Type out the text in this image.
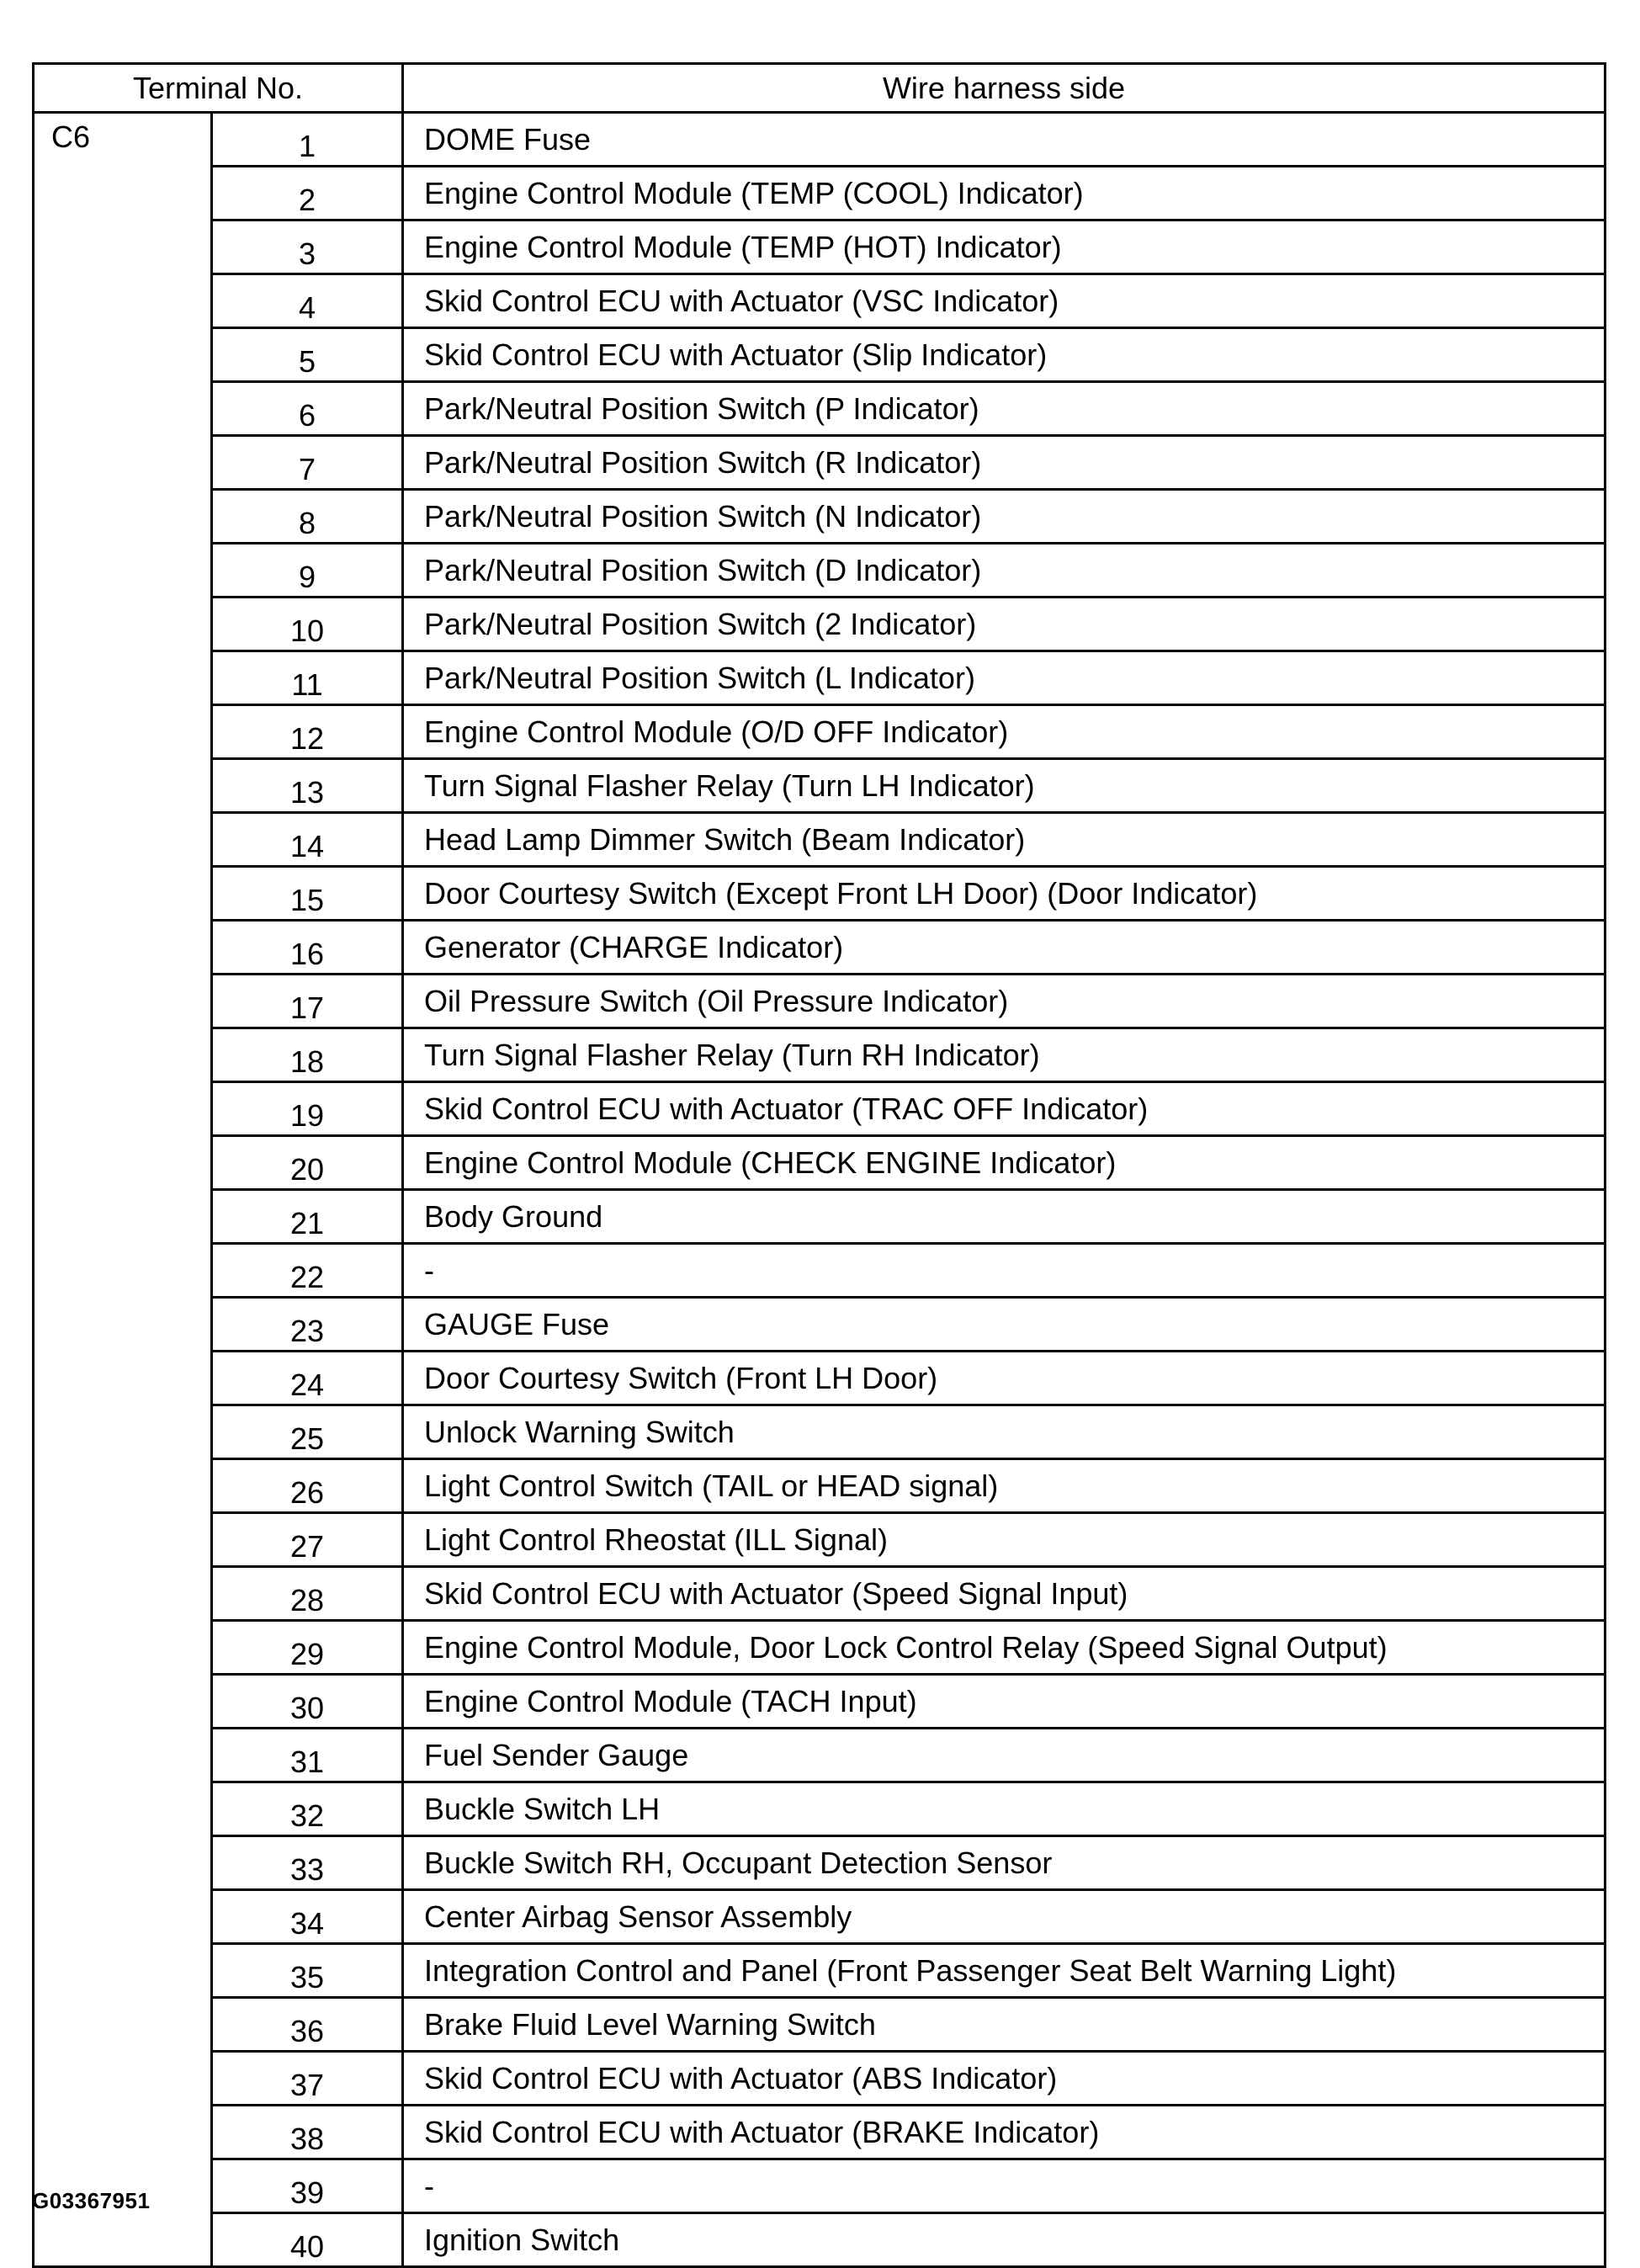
Terminal No.		Wire harness side
C6	1	DOME Fuse
	2	Engine Control Module (TEMP (COOL) Indicator)
	3	Engine Control Module (TEMP (HOT) Indicator)
	4	Skid Control ECU with Actuator (VSC Indicator)
	5	Skid Control ECU with Actuator (Slip Indicator)
	6	Park/Neutral Position Switch (P Indicator)
	7	Park/Neutral Position Switch (R Indicator)
	8	Park/Neutral Position Switch (N Indicator)
	9	Park/Neutral Position Switch (D Indicator)
	10	Park/Neutral Position Switch (2 Indicator)
	11	Park/Neutral Position Switch (L Indicator)
	12	Engine Control Module (O/D OFF Indicator)
	13	Turn Signal Flasher Relay (Turn LH Indicator)
	14	Head Lamp Dimmer Switch (Beam Indicator)
	15	Door Courtesy Switch (Except Front LH Door) (Door Indicator)
	16	Generator (CHARGE Indicator)
	17	Oil Pressure Switch (Oil Pressure Indicator)
	18	Turn Signal Flasher Relay (Turn RH Indicator)
	19	Skid Control ECU with Actuator (TRAC OFF Indicator)
	20	Engine Control Module (CHECK ENGINE Indicator)
	21	Body Ground
	22	-
	23	GAUGE Fuse
	24	Door Courtesy Switch (Front LH Door)
	25	Unlock Warning Switch
	26	Light Control Switch (TAIL or HEAD signal)
	27	Light Control Rheostat (ILL Signal)
	28	Skid Control ECU with Actuator (Speed Signal Input)
	29	Engine Control Module, Door Lock Control Relay (Speed Signal Output)
	30	Engine Control Module (TACH Input)
	31	Fuel Sender Gauge
	32	Buckle Switch LH
	33	Buckle Switch RH, Occupant Detection Sensor
	34	Center Airbag Sensor Assembly
	35	Integration Control and Panel (Front Passenger Seat Belt Warning Light)
	36	Brake Fluid Level Warning Switch
	37	Skid Control ECU with Actuator (ABS Indicator)
	38	Skid Control ECU with Actuator (BRAKE Indicator)
	39	-
	40	Ignition Switch
G03367951
